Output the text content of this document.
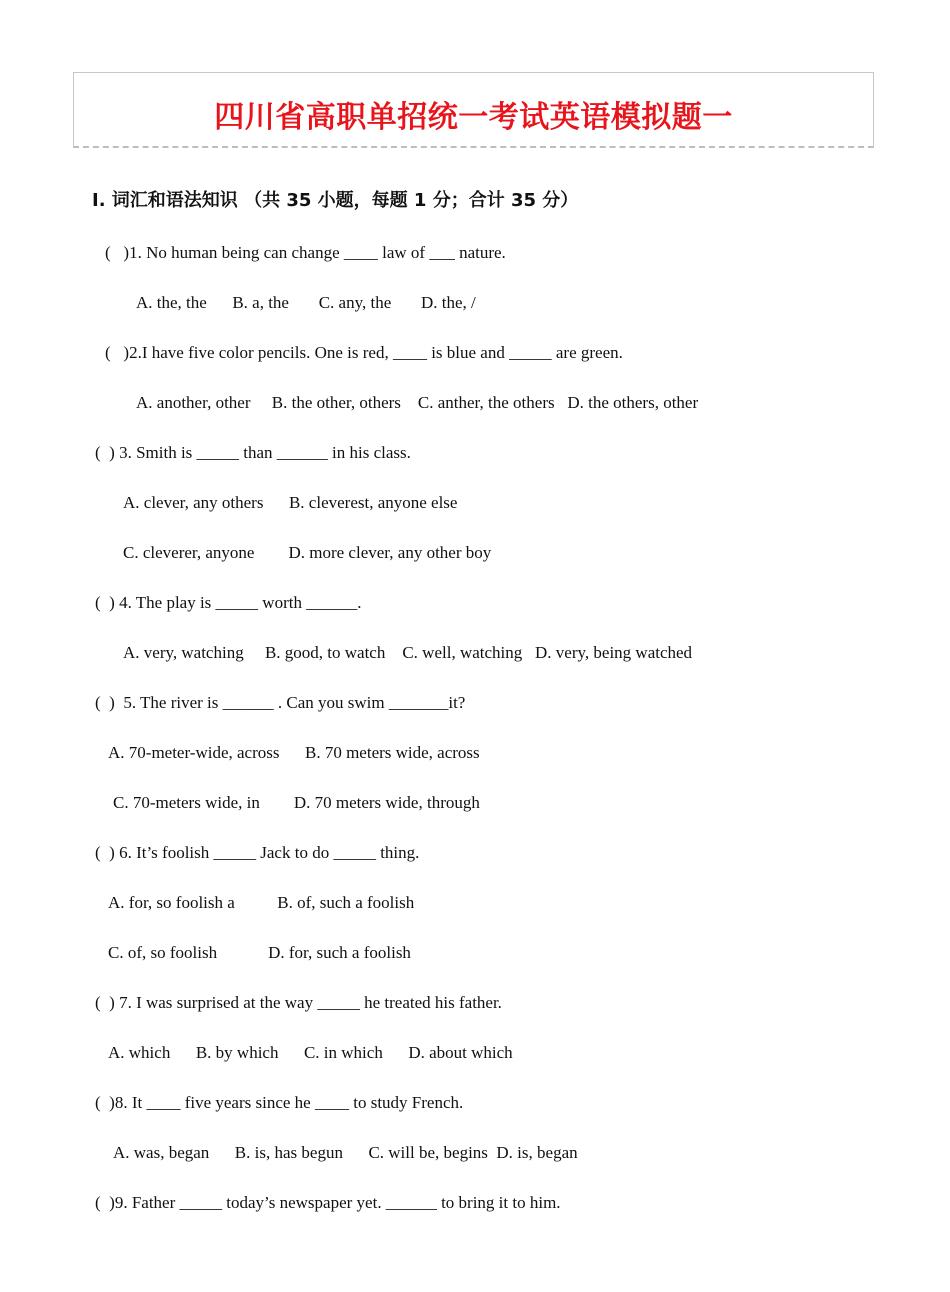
四川省高职单招统一考试英语模拟题一
Ⅰ. 词汇和语法知识 （共 35 小题，每题 1 分；合计 35 分）
(   )1. No human being can change ____ law of ___ nature.
A. the, the      B. a, the       C. any, the       D. the, /
(   )2.I have five color pencils. One is red, ____ is blue and _____ are green.
A. another, other     B. the other, others    C. anther, the others   D. the others, other
(  ) 3. Smith is _____ than ______ in his class.
A. clever, any others      B. cleverest, anyone else
C. cleverer, anyone        D. more clever, any other boy
(  ) 4. The play is _____ worth ______.
A. very, watching     B. good, to watch    C. well, watching   D. very, being watched
(  )  5. The river is ______ . Can you swim _______it?
A. 70-meter-wide, across      B. 70 meters wide, across
C. 70-meters wide, in        D. 70 meters wide, through
(  ) 6. It’s foolish _____ Jack to do _____ thing.
A. for, so foolish a          B. of, such a foolish
C. of, so foolish            D. for, such a foolish
(  ) 7. I was surprised at the way _____ he treated his father.
A. which      B. by which      C. in which      D. about which
(  )8. It ____ five years since he ____ to study French.
A. was, began      B. is, has begun      C. will be, begins  D. is, began
(  )9. Father _____ today’s newspaper yet. ______ to bring it to him.
